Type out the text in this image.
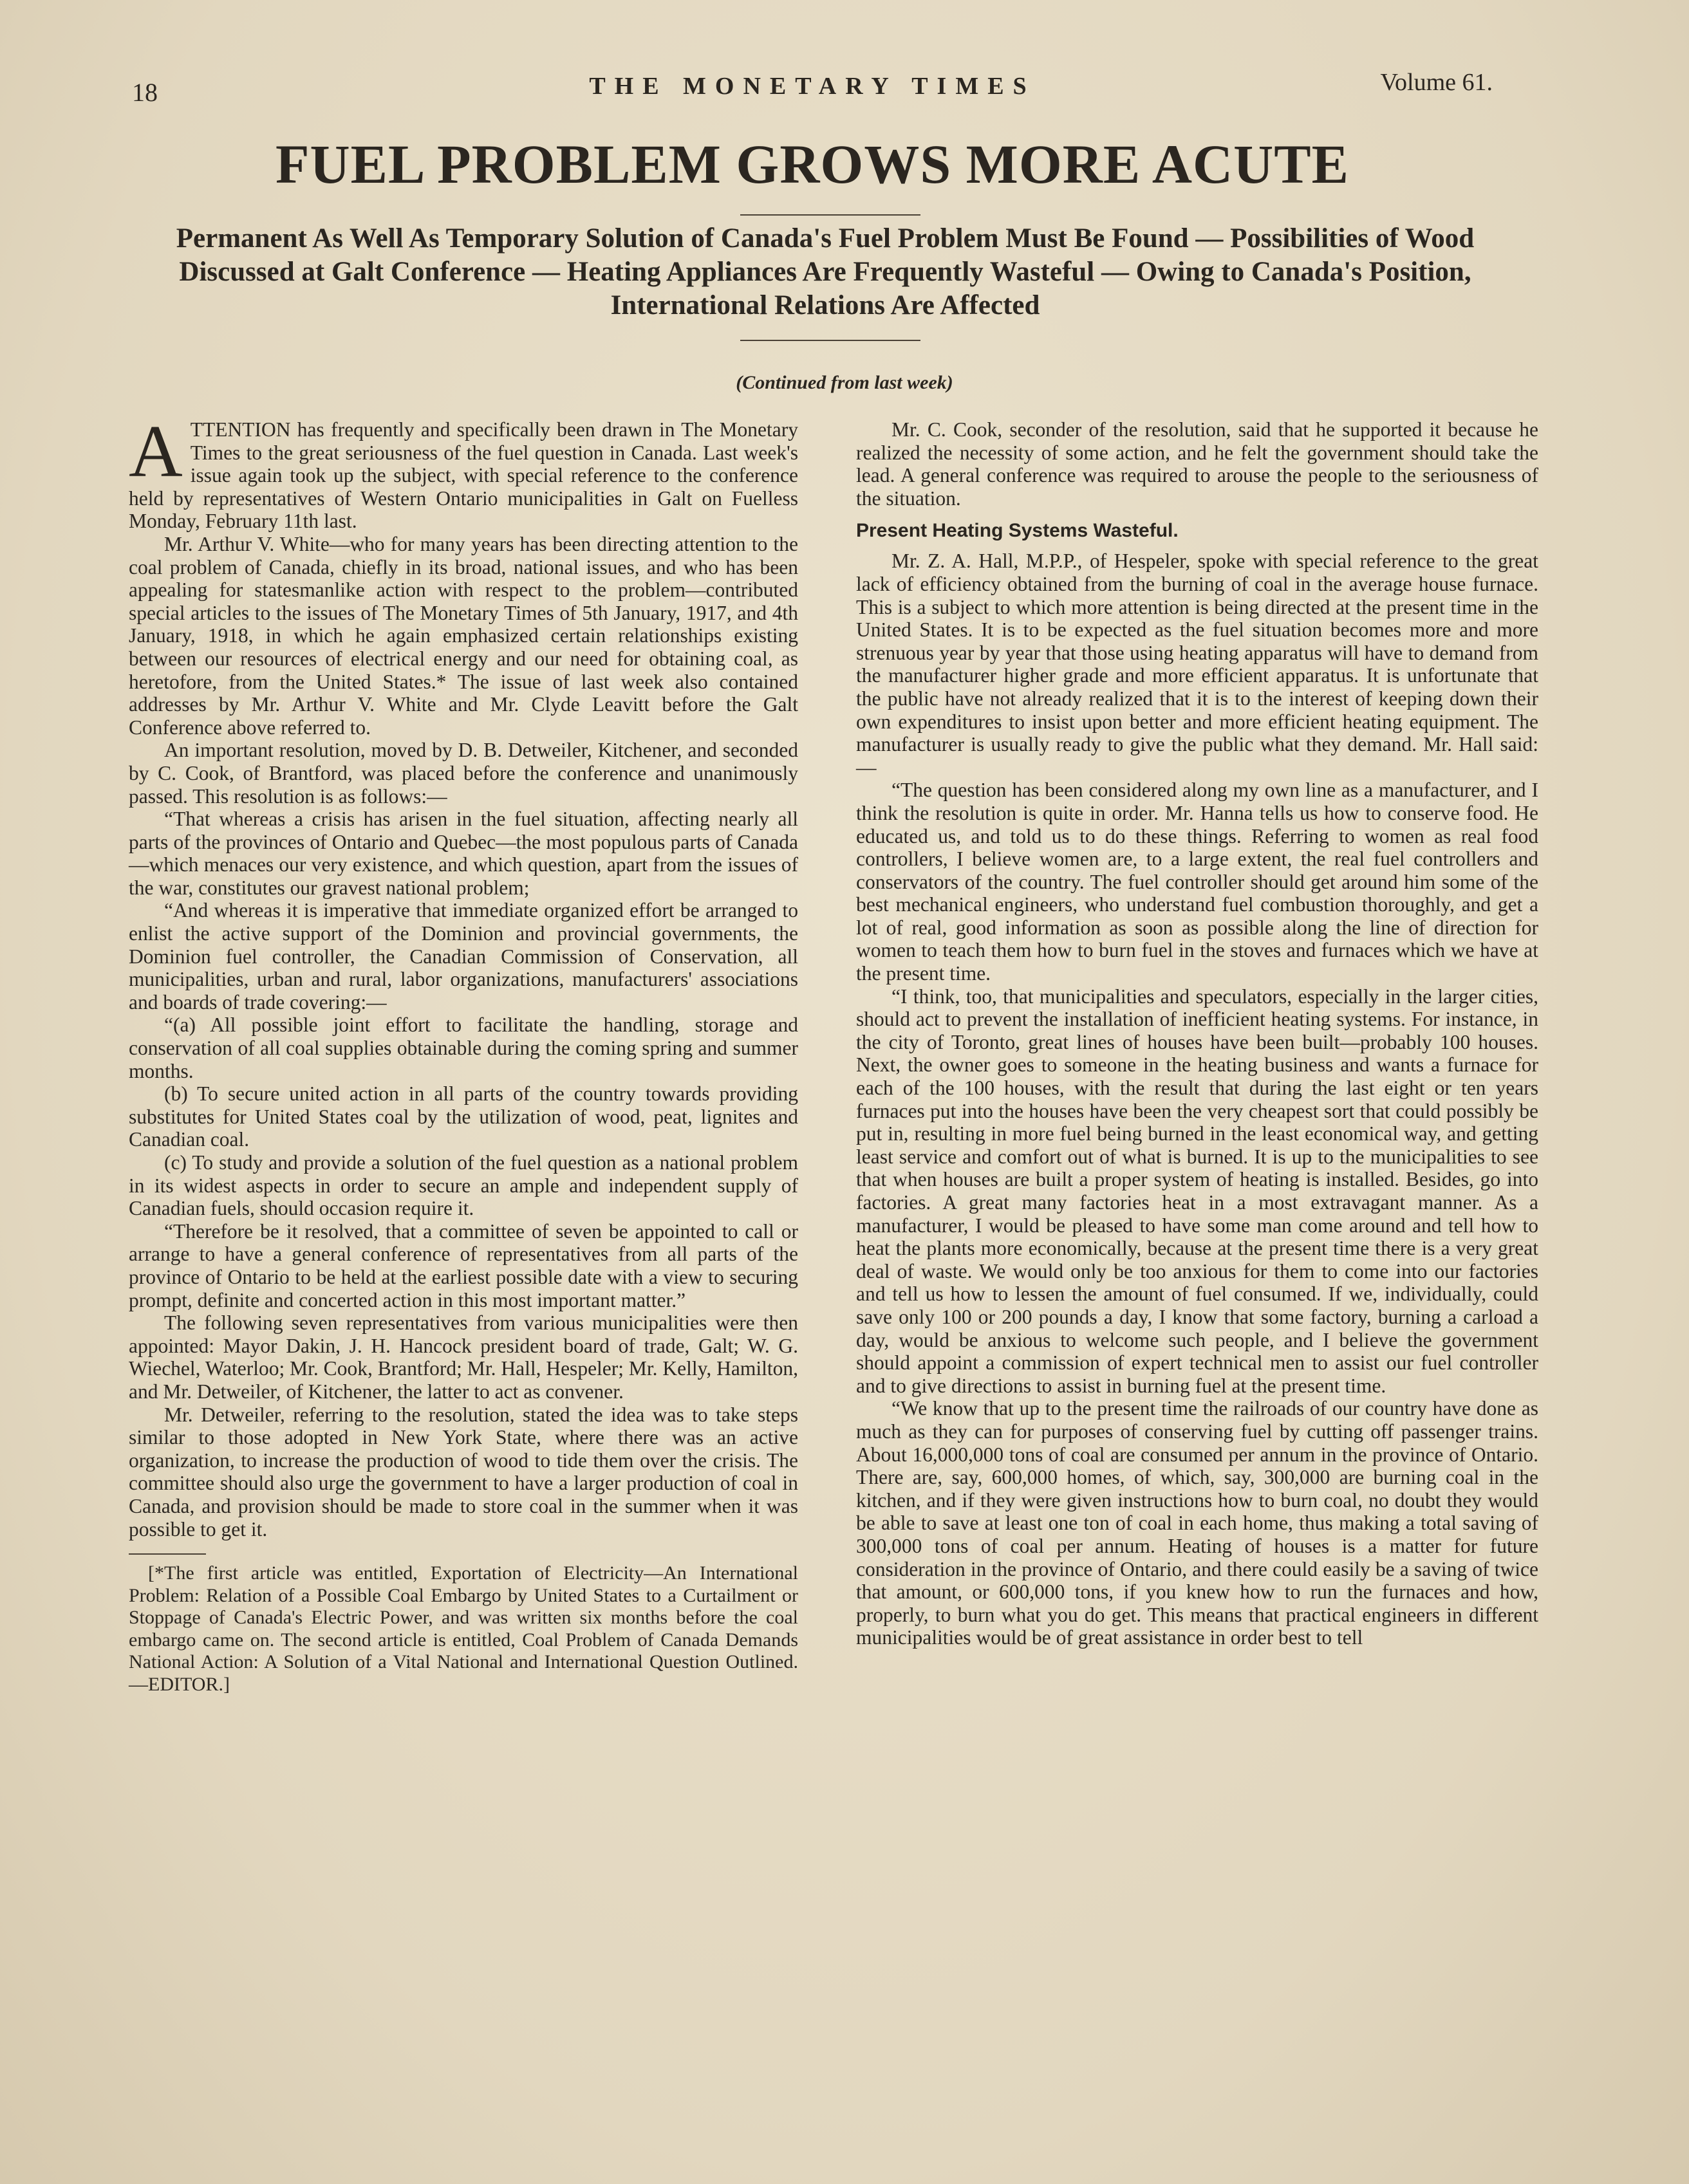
18	THE MONETARY TIMES	Volume 61.
FUEL PROBLEM GROWS MORE ACUTE
Permanent As Well As Temporary Solution of Canada's Fuel Problem Must Be Found — Possibilities of Wood Discussed at Galt Conference — Heating Appliances Are Frequently Wasteful — Owing to Canada's Position, International Relations Are Affected
(Continued from last week)

ATTENTION has frequently and specifically been drawn in The Monetary Times to the great seriousness of the fuel question in Canada. Last week's issue again took up the subject, with special reference to the conference held by representatives of Western Ontario municipalities in Galt on Fuelless Monday, February 11th last.

Mr. Arthur V. White—who for many years has been directing attention to the coal problem of Canada, chiefly in its broad, national issues, and who has been appealing for statesmanlike action with respect to the problem—contributed special articles to the issues of The Monetary Times of 5th January, 1917, and 4th January, 1918, in which he again emphasized certain relationships existing between our resources of electrical energy and our need for obtaining coal, as heretofore, from the United States.* The issue of last week also contained addresses by Mr. Arthur V. White and Mr. Clyde Leavitt before the Galt Conference above referred to.

An important resolution, moved by D. B. Detweiler, Kitchener, and seconded by C. Cook, of Brantford, was placed before the conference and unanimously passed. This resolution is as follows:—

“That whereas a crisis has arisen in the fuel situation, affecting nearly all parts of the provinces of Ontario and Quebec—the most populous parts of Canada—which menaces our very existence, and which question, apart from the issues of the war, constitutes our gravest national problem;

“And whereas it is imperative that immediate organized effort be arranged to enlist the active support of the Dominion and provincial governments, the Dominion fuel controller, the Canadian Commission of Conservation, all municipalities, urban and rural, labor organizations, manufacturers' associations and boards of trade covering:—

“(a) All possible joint effort to facilitate the handling, storage and conservation of all coal supplies obtainable during the coming spring and summer months.

(b) To secure united action in all parts of the country towards providing substitutes for United States coal by the utilization of wood, peat, lignites and Canadian coal.

(c) To study and provide a solution of the fuel question as a national problem in its widest aspects in order to secure an ample and independent supply of Canadian fuels, should occasion require it.

“Therefore be it resolved, that a committee of seven be appointed to call or arrange to have a general conference of representatives from all parts of the province of Ontario to be held at the earliest possible date with a view to securing prompt, definite and concerted action in this most important matter.”

The following seven representatives from various municipalities were then appointed: Mayor Dakin, J. H. Hancock president board of trade, Galt; W. G. Wiechel, Waterloo; Mr. Cook, Brantford; Mr. Hall, Hespeler; Mr. Kelly, Hamilton, and Mr. Detweiler, of Kitchener, the latter to act as convener.

Mr. Detweiler, referring to the resolution, stated the idea was to take steps similar to those adopted in New York State, where there was an active organization, to increase the production of wood to tide them over the crisis. The committee should also urge the government to have a larger production of coal in Canada, and provision should be made to store coal in the summer when it was possible to get it.

[*The first article was entitled, Exportation of Electricity—An International Problem: Relation of a Possible Coal Embargo by United States to a Curtailment or Stoppage of Canada's Electric Power, and was written six months before the coal embargo came on. The second article is entitled, Coal Problem of Canada Demands National Action: A Solution of a Vital National and International Question Outlined.—EDITOR.]

Mr. C. Cook, seconder of the resolution, said that he supported it because he realized the necessity of some action, and he felt the government should take the lead. A general conference was required to arouse the people to the seriousness of the situation.

Present Heating Systems Wasteful.

Mr. Z. A. Hall, M.P.P., of Hespeler, spoke with special reference to the great lack of efficiency obtained from the burning of coal in the average house furnace. This is a subject to which more attention is being directed at the present time in the United States. It is to be expected as the fuel situation becomes more and more strenuous year by year that those using heating apparatus will have to demand from the manufacturer higher grade and more efficient apparatus. It is unfortunate that the public have not already realized that it is to the interest of keeping down their own expenditures to insist upon better and more efficient heating equipment. The manufacturer is usually ready to give the public what they demand. Mr. Hall said:—

“The question has been considered along my own line as a manufacturer, and I think the resolution is quite in order. Mr. Hanna tells us how to conserve food. He educated us, and told us to do these things. Referring to women as real food controllers, I believe women are, to a large extent, the real fuel controllers and conservators of the country. The fuel controller should get around him some of the best mechanical engineers, who understand fuel combustion thoroughly, and get a lot of real, good information as soon as possible along the line of direction for women to teach them how to burn fuel in the stoves and furnaces which we have at the present time.

“I think, too, that municipalities and speculators, especially in the larger cities, should act to prevent the installation of inefficient heating systems. For instance, in the city of Toronto, great lines of houses have been built—probably 100 houses. Next, the owner goes to someone in the heating business and wants a furnace for each of the 100 houses, with the result that during the last eight or ten years furnaces put into the houses have been the very cheapest sort that could possibly be put in, resulting in more fuel being burned in the least economical way, and getting least service and comfort out of what is burned. It is up to the municipalities to see that when houses are built a proper system of heating is installed. Besides, go into factories. A great many factories heat in a most extravagant manner. As a manufacturer, I would be pleased to have some man come around and tell how to heat the plants more economically, because at the present time there is a very great deal of waste. We would only be too anxious for them to come into our factories and tell us how to lessen the amount of fuel consumed. If we, individually, could save only 100 or 200 pounds a day, I know that some factory, burning a carload a day, would be anxious to welcome such people, and I believe the government should appoint a commission of expert technical men to assist our fuel controller and to give directions to assist in burning fuel at the present time.

“We know that up to the present time the railroads of our country have done as much as they can for purposes of conserving fuel by cutting off passenger trains. About 16,000,000 tons of coal are consumed per annum in the province of Ontario. There are, say, 600,000 homes, of which, say, 300,000 are burning coal in the kitchen, and if they were given instructions how to burn coal, no doubt they would be able to save at least one ton of coal in each home, thus making a total saving of 300,000 tons of coal per annum. Heating of houses is a matter for future consideration in the province of Ontario, and there could easily be a saving of twice that amount, or 600,000 tons, if you knew how to run the furnaces and how, properly, to burn what you do get. This means that practical engineers in different municipalities would be of great assistance in order best to tell
